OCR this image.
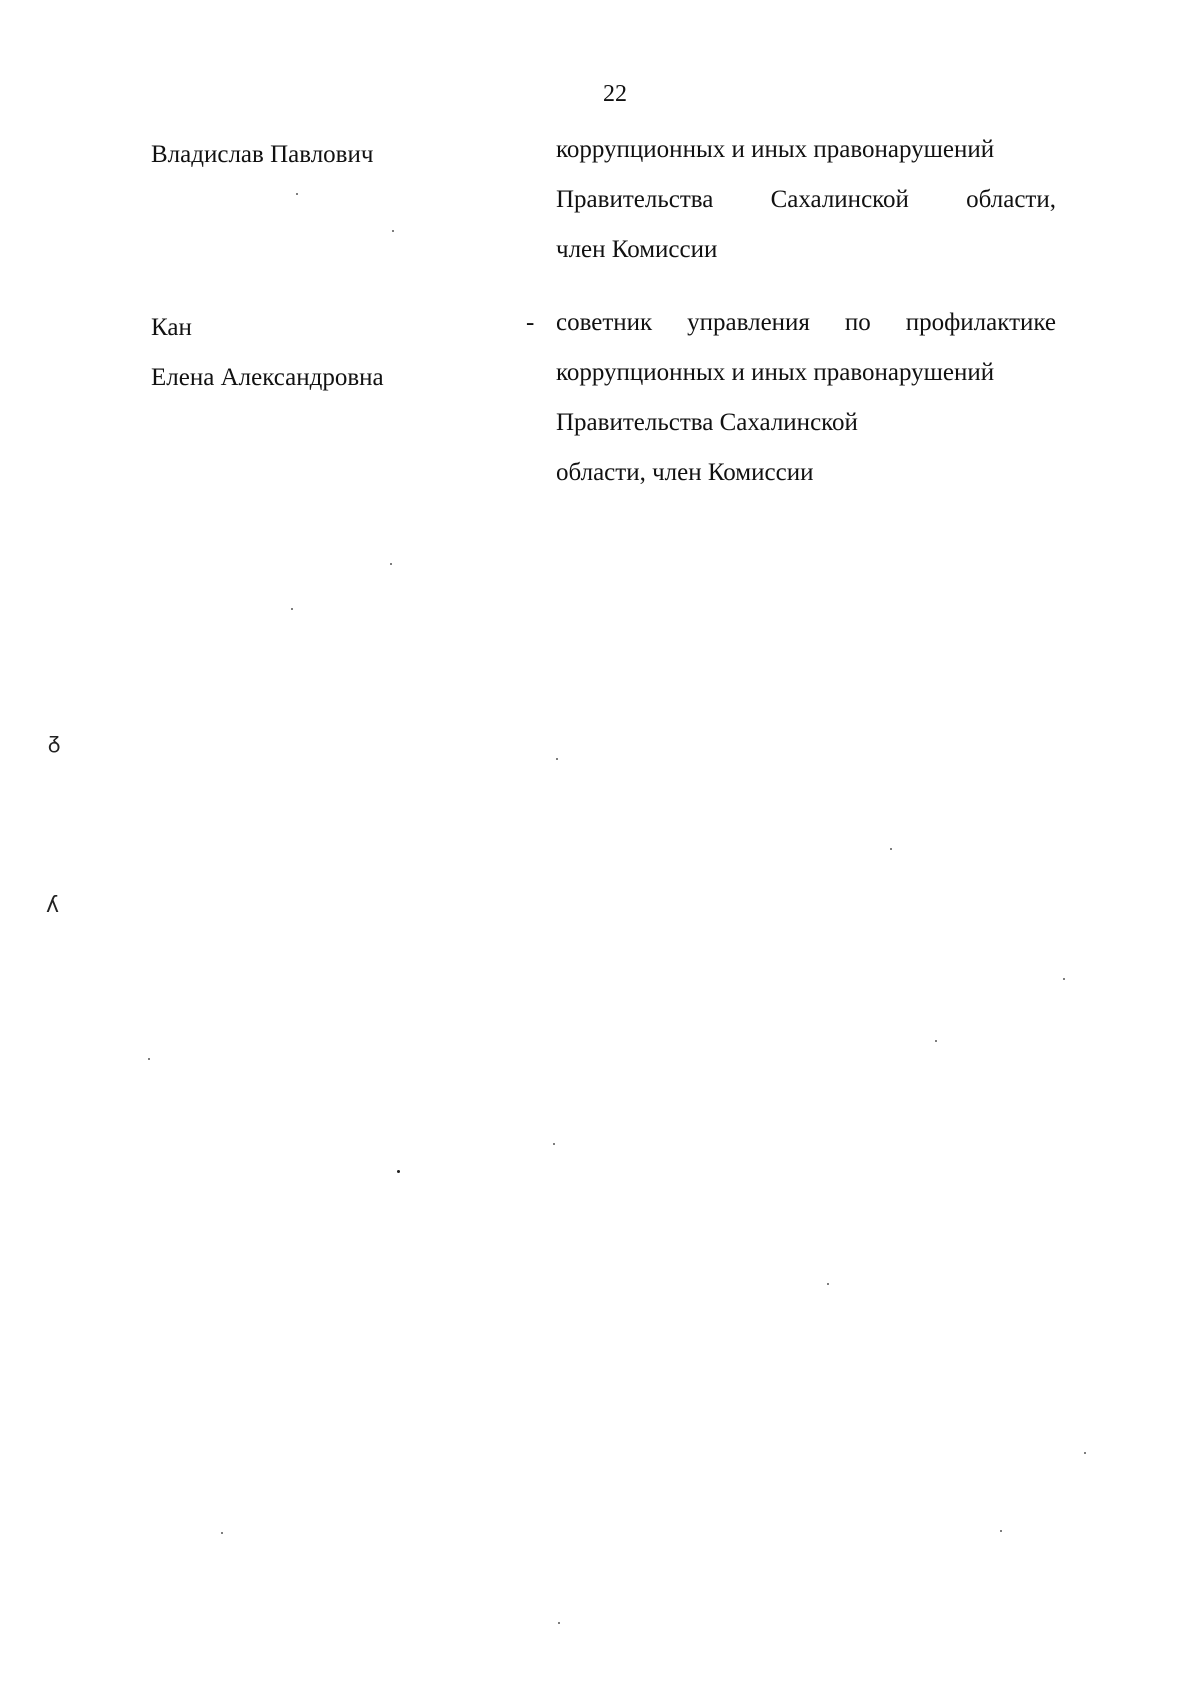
22
Владислав Павлович	коррупционных и иных правонарушений
Правительства Сахалинской области,
член Комиссии
Кан
Елена Александровна
- советник управления по профилактике
коррупционных и иных правонарушений
Правительства Сахалинской
области, член Комиссии
ᵹ
ʎ
